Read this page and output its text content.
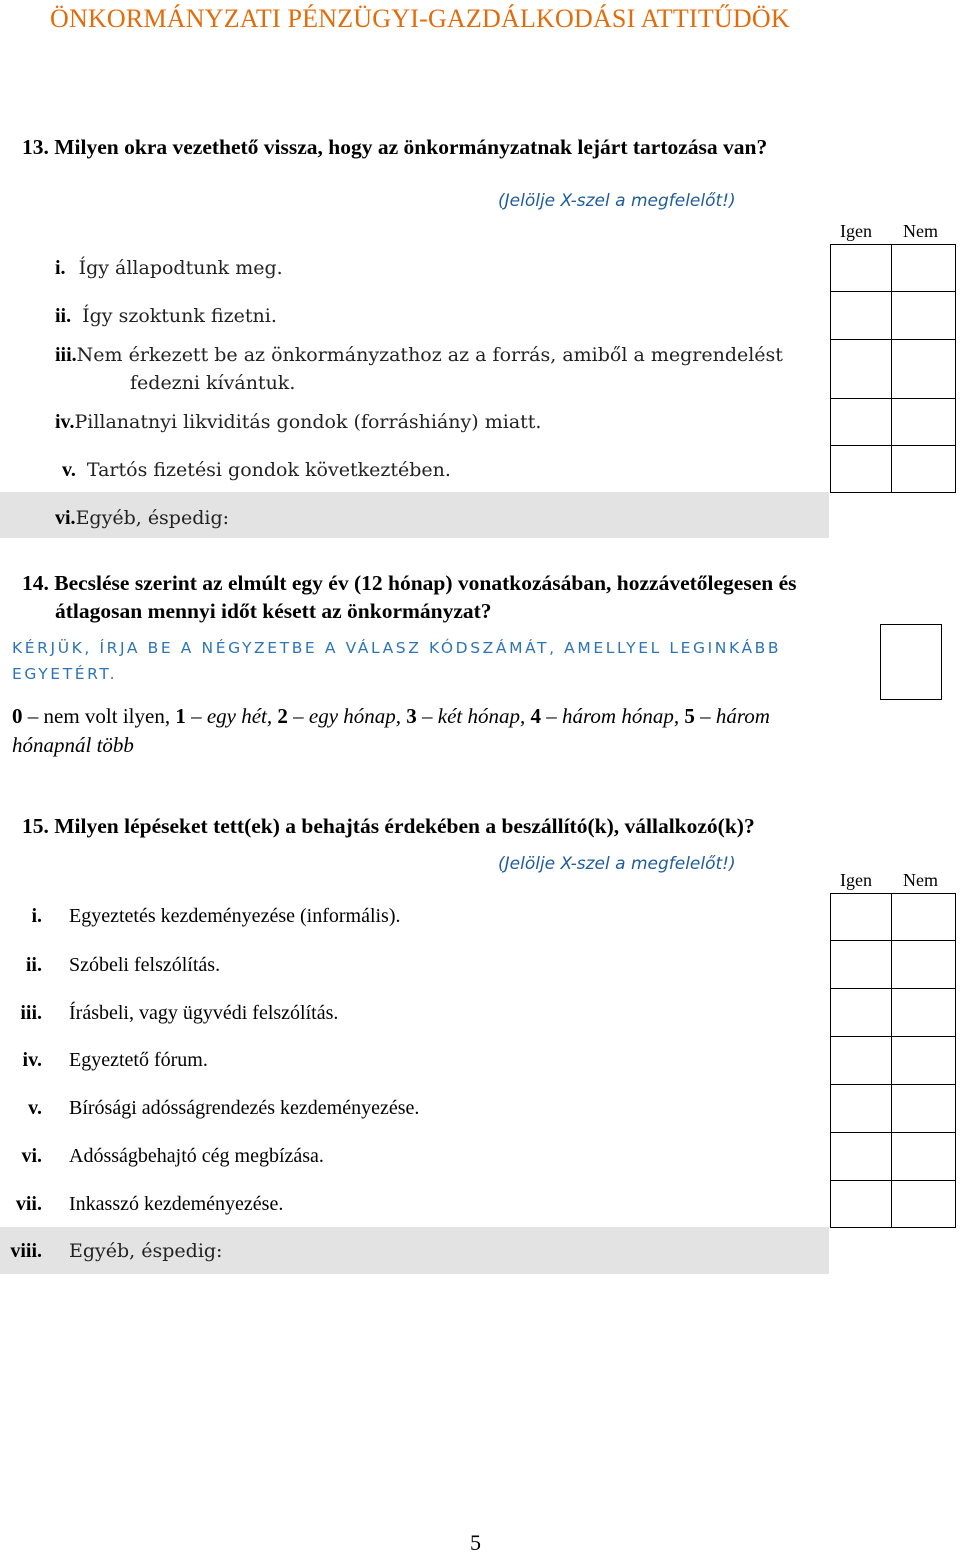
ÖNKORMÁNYZATI PÉNZÜGYI-GAZDÁLKODÁSI ATTITŰDÖK
13. Milyen okra vezethető vissza, hogy az önkormányzatnak lejárt tartozása van?
(Jelölje X-szel a megfelelőt!)
Igen Nem
i. Így állapodtunk meg.
ii. Így szoktunk fizetni.
iii.Nem érkezett be az önkormányzathoz az a forrás, amiből a megrendelést
fedezni kívántuk.
iv.Pillanatnyi likviditás gondok (forráshiány) miatt.
v. Tartós fizetési gondok következtében.
vi.Egyéb, éspedig:

14. Becslése szerint az elmúlt egy év (12 hónap) vonatkozásában, hozzávetőlegesen és
átlagosan mennyi időt késett az önkormányzat?
KÉRJÜK, ÍRJA BE A NÉGYZETBE A VÁLASZ KÓDSZÁMÁT, AMELLYEL LEGINKÁBB
EGYETÉRT.
0 – nem volt ilyen, 1 – egy hét, 2 – egy hónap, 3 – két hónap, 4 – három hónap, 5 – három
hónapnál több
15. Milyen lépéseket tett(ek) a behajtás érdekében a beszállító(k), vállalkozó(k)?
(Jelölje X-szel a megfelelőt!)
Igen Nem
i. Egyeztetés kezdeményezése (informális).
ii. Szóbeli felszólítás.
iii. Írásbeli, vagy ügyvédi felszólítás.
iv. Egyeztető fórum.
v. Bírósági adósságrendezés kezdeményezése.
vi. Adósságbehajtó cég megbízása.
vii. Inkasszó kezdeményezése.
viii. Egyéb, éspedig:

5
